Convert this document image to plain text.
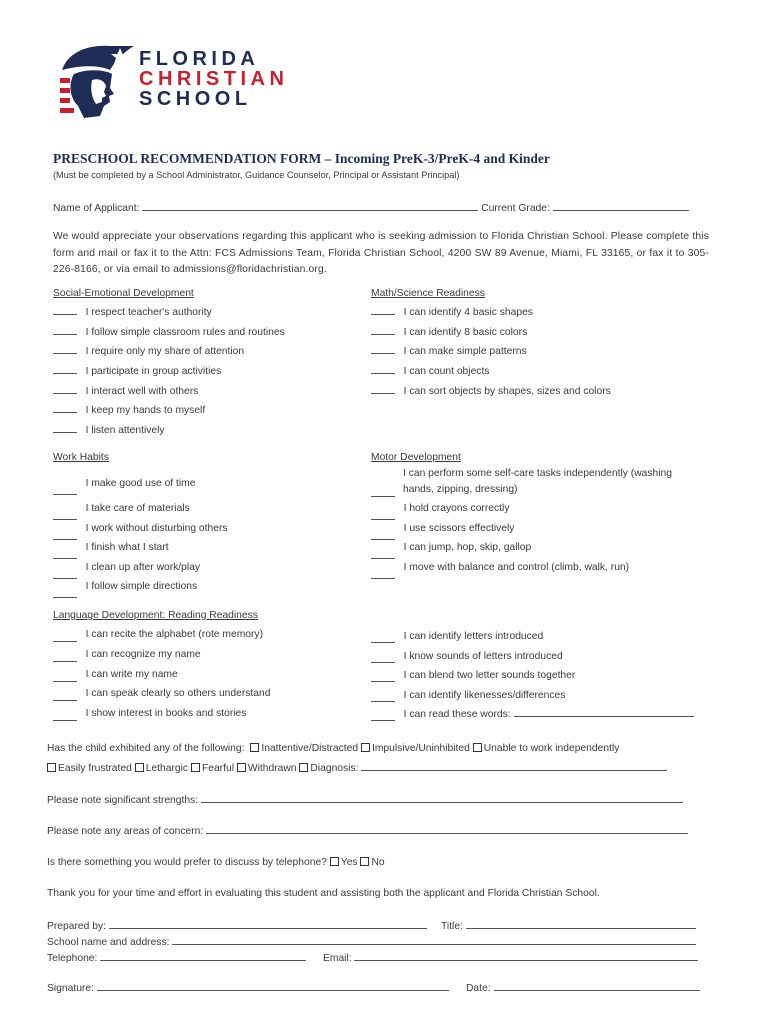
FLORIDA
CHRISTIAN
SCHOOL
PRESCHOOL RECOMMENDATION FORM – Incoming PreK-3/PreK-4 and Kinder
(Must be completed by a School Administrator, Guidance Counselor, Principal or Assistant Principal)
Name of Applicant:	Current Grade:
We would appreciate your observations regarding this applicant who is seeking admission to Florida Christian School. Please complete this form and mail or fax it to the Attn: FCS Admissions Team, Florida Christian School, 4200 SW 89 Avenue, Miami, FL 33165, or fax it to 305-226-8166, or via email to admissions@floridachristian.org.
Social-Emotional Development
I respect teacher's authority
I follow simple classroom rules and routines
I require only my share of attention
I participate in group activities
I interact well with others
I keep my hands to myself
I listen attentively
Math/Science Readiness
I can identify 4 basic shapes
I can identify 8 basic colors
I can make simple patterns
I can count objects
I can sort objects by shapes, sizes and colors
Work Habits
I make good use of time
I take care of materials
I work without disturbing others
I finish what I start
I clean up after work/play
I follow simple directions
Motor Development
I can perform some self-care tasks independently (washing
hands, zipping, dressing)
I hold crayons correctly
I use scissors effectively
I can jump, hop, skip, gallop
I move with balance and control (climb, walk, run)
Language Development: Reading Readiness
I can recite the alphabet (rote memory)
I can recognize my name
I can write my name
I can speak clearly so others understand
I show interest in books and stories
I can identify letters introduced
I know sounds of letters introduced
I can blend two letter sounds together
I can identify likenesses/differences
I can read these words:
Has the child exhibited any of the following: Inattentive/Distracted Impulsive/Uninhibited Unable to work independently
Easily frustrated Lethargic Fearful Withdrawn Diagnosis:
Please note significant strengths:
Please note any areas of concern:
Is there something you would prefer to discuss by telephone? Yes No
Thank you for your time and effort in evaluating this student and assisting both the applicant and Florida Christian School.
Prepared by:	Title:
School name and address:
Telephone:	Email:
Signature:	Date:
